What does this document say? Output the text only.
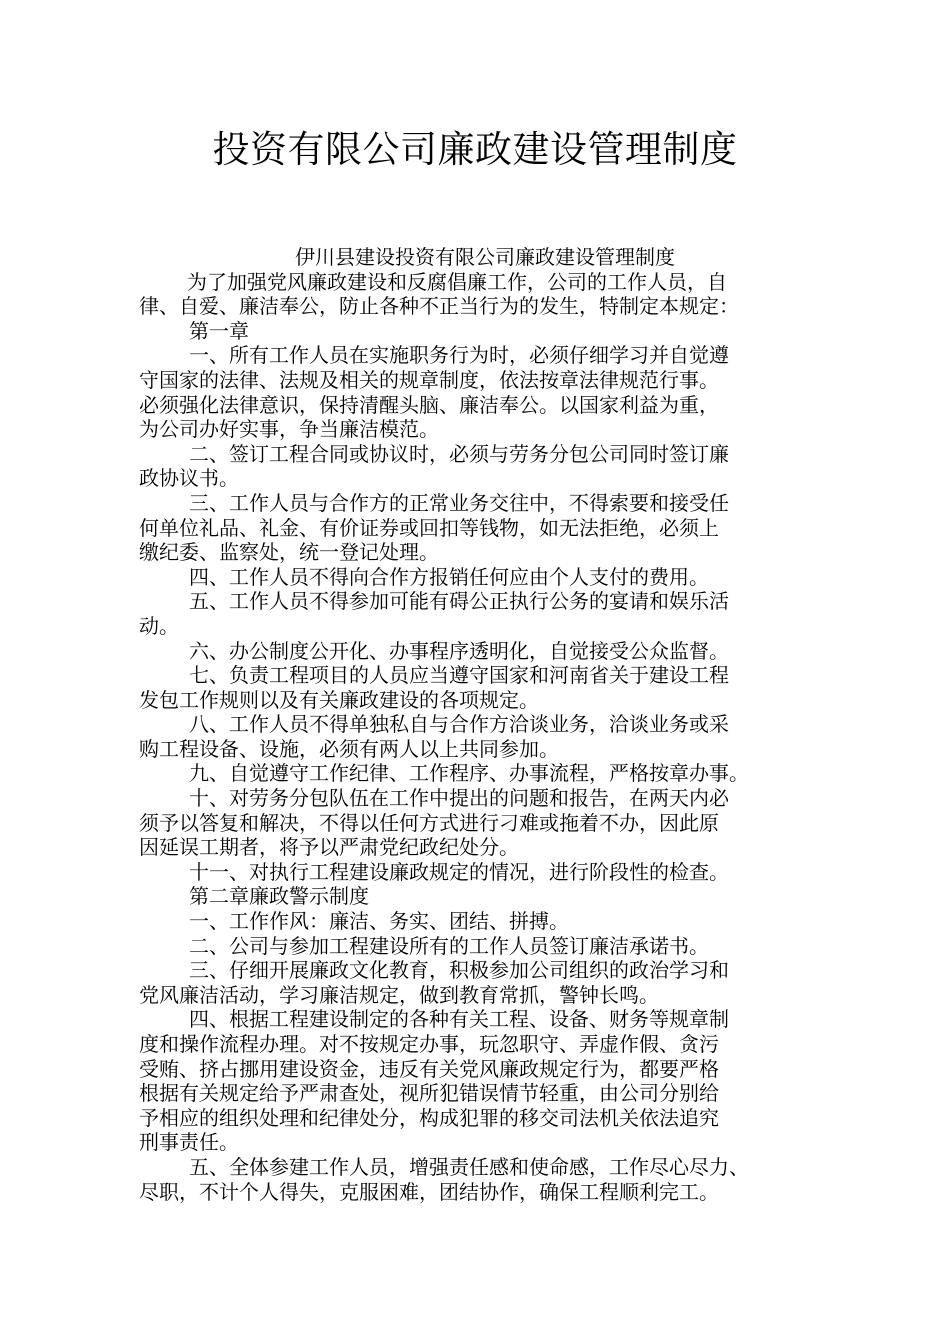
投资有限公司廉政建设管理制度
伊川县建设投资有限公司廉政建设管理制度
为了加强党风廉政建设和反腐倡廉工作，公司的工作人员，自
律、自爱、廉洁奉公，防止各种不正当行为的发生，特制定本规定：
第一章
一、所有工作人员在实施职务行为时，必须仔细学习并自觉遵
守国家的法律、法规及相关的规章制度，依法按章法律规范行事。
必须强化法律意识，保持清醒头脑、廉洁奉公。以国家利益为重，
为公司办好实事，争当廉洁模范。
二、签订工程合同或协议时，必须与劳务分包公司同时签订廉
政协议书。
三、工作人员与合作方的正常业务交往中，不得索要和接受任
何单位礼品、礼金、有价证券或回扣等钱物，如无法拒绝，必须上
缴纪委、监察处，统一登记处理。
四、工作人员不得向合作方报销任何应由个人支付的费用。
五、工作人员不得参加可能有碍公正执行公务的宴请和娱乐活
动。
六、办公制度公开化、办事程序透明化，自觉接受公众监督。
七、负责工程项目的人员应当遵守国家和河南省关于建设工程
发包工作规则以及有关廉政建设的各项规定。
八、工作人员不得单独私自与合作方洽谈业务，洽谈业务或采
购工程设备、设施，必须有两人以上共同参加。
九、自觉遵守工作纪律、工作程序、办事流程，严格按章办事。
十、对劳务分包队伍在工作中提出的问题和报告，在两天内必
须予以答复和解决，不得以任何方式进行刁难或拖着不办，因此原
因延误工期者，将予以严肃党纪政纪处分。
十一、对执行工程建设廉政规定的情况，进行阶段性的检查。
第二章廉政警示制度
一、工作作风：廉洁、务实、团结、拼搏。
二、公司与参加工程建设所有的工作人员签订廉洁承诺书。
三、仔细开展廉政文化教育，积极参加公司组织的政治学习和
党风廉洁活动，学习廉洁规定，做到教育常抓，警钟长鸣。
四、根据工程建设制定的各种有关工程、设备、财务等规章制
度和操作流程办理。对不按规定办事，玩忽职守、弄虚作假、贪污
受贿、挤占挪用建设资金，违反有关党风廉政规定行为，都要严格
根据有关规定给予严肃查处，视所犯错误情节轻重，由公司分别给
予相应的组织处理和纪律处分，构成犯罪的移交司法机关依法追究
刑事责任。
五、全体参建工作人员，增强责任感和使命感，工作尽心尽力、
尽职，不计个人得失，克服困难，团结协作，确保工程顺利完工。
